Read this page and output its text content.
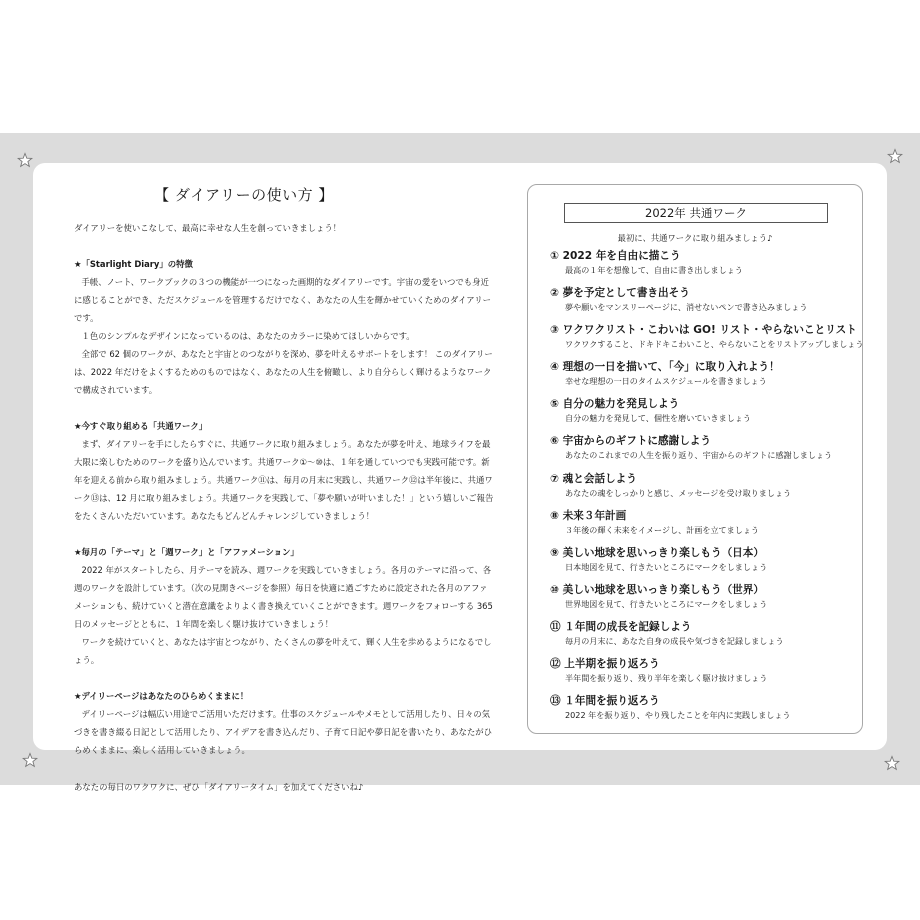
【 ダイアリーの使い方 】

ダイアリーを使いこなして、最高に幸せな人生を創っていきましょう！

★「Starlight Diary」の特徴

手帳、ノート、ワークブックの３つの機能が一つになった画期的なダイアリーです。宇宙の愛をいつでも身近に感じることができ、ただスケジュールを管理するだけでなく、あなたの人生を輝かせていくためのダイアリーです。

１色のシンプルなデザインになっているのは、あなたのカラーに染めてほしいからです。

全部で 62 個のワークが、あなたと宇宙とのつながりを深め、夢を叶えるサポートをします！ このダイアリーは、2022 年だけをよくするためのものではなく、あなたの人生を俯瞰し、より自分らしく輝けるようなワークで構成されています。

★今すぐ取り組める「共通ワーク」

まず、ダイアリーを手にしたらすぐに、共通ワークに取り組みましょう。あなたが夢を叶え、地球ライフを最大限に楽しむためのワークを盛り込んでいます。共通ワーク①〜⑩は、１年を通していつでも実践可能です。新年を迎える前から取り組みましょう。共通ワーク⑪は、毎月の月末に実践し、共通ワーク⑫は半年後に、共通ワーク⑬は、12 月に取り組みましょう。共通ワークを実践して、「夢や願いが叶いました！」という嬉しいご報告をたくさんいただいています。あなたもどんどんチャレンジしていきましょう！

★毎月の「テーマ」と「週ワーク」と「アファメーション」

2022 年がスタートしたら、月テーマを読み、週ワークを実践していきましょう。各月のテーマに沿って、各週のワークを設計しています。（次の見開きページを参照）毎日を快適に過ごすために設定された各月のアファメーションも、続けていくと潜在意識をよりよく書き換えていくことができます。週ワークをフォローする 365 日のメッセージとともに、１年間を楽しく駆け抜けていきましょう！

ワークを続けていくと、あなたは宇宙とつながり、たくさんの夢を叶えて、輝く人生を歩めるようになるでしょう。

★デイリーページはあなたのひらめくままに！

デイリーページは幅広い用途でご活用いただけます。仕事のスケジュールやメモとして活用したり、日々の気づきを書き綴る日記として活用したり、アイデアを書き込んだり、子育て日記や夢日記を書いたり、あなたがひらめくままに、楽しく活用していきましょう。

あなたの毎日のワクワクに、ぜひ「ダイアリータイム」を加えてくださいね♪

2022年 共通ワーク
最初に、共通ワークに取り組みましょう♪
① 2022 年を自由に描こう
最高の１年を想像して、自由に書き出しましょう
② 夢を予定として書き出そう
夢や願いをマンスリーページに、消せないペンで書き込みましょう
③ ワクワクリスト・こわいは GO! リスト・やらないことリスト
ワクワクすること、ドキドキこわいこと、やらないことをリストアップしましょう
④ 理想の一日を描いて、「今」に取り入れよう！
幸せな理想の一日のタイムスケジュールを書きましょう
⑤ 自分の魅力を発見しよう
自分の魅力を発見して、個性を磨いていきましょう
⑥ 宇宙からのギフトに感謝しよう
あなたのこれまでの人生を振り返り、宇宙からのギフトに感謝しましょう
⑦ 魂と会話しよう
あなたの魂をしっかりと感じ、メッセージを受け取りましょう
⑧ 未来３年計画
３年後の輝く未来をイメージし、計画を立てましょう
⑨ 美しい地球を思いっきり楽しもう（日本）
日本地図を見て、行きたいところにマークをしましょう
⑩ 美しい地球を思いっきり楽しもう（世界）
世界地図を見て、行きたいところにマークをしましょう
⑪ １年間の成長を記録しよう
毎月の月末に、あなた自身の成長や気づきを記録しましょう
⑫ 上半期を振り返ろう
半年間を振り返り、残り半年を楽しく駆け抜けましょう
⑬ １年間を振り返ろう
2022 年を振り返り、やり残したことを年内に実践しましょう
